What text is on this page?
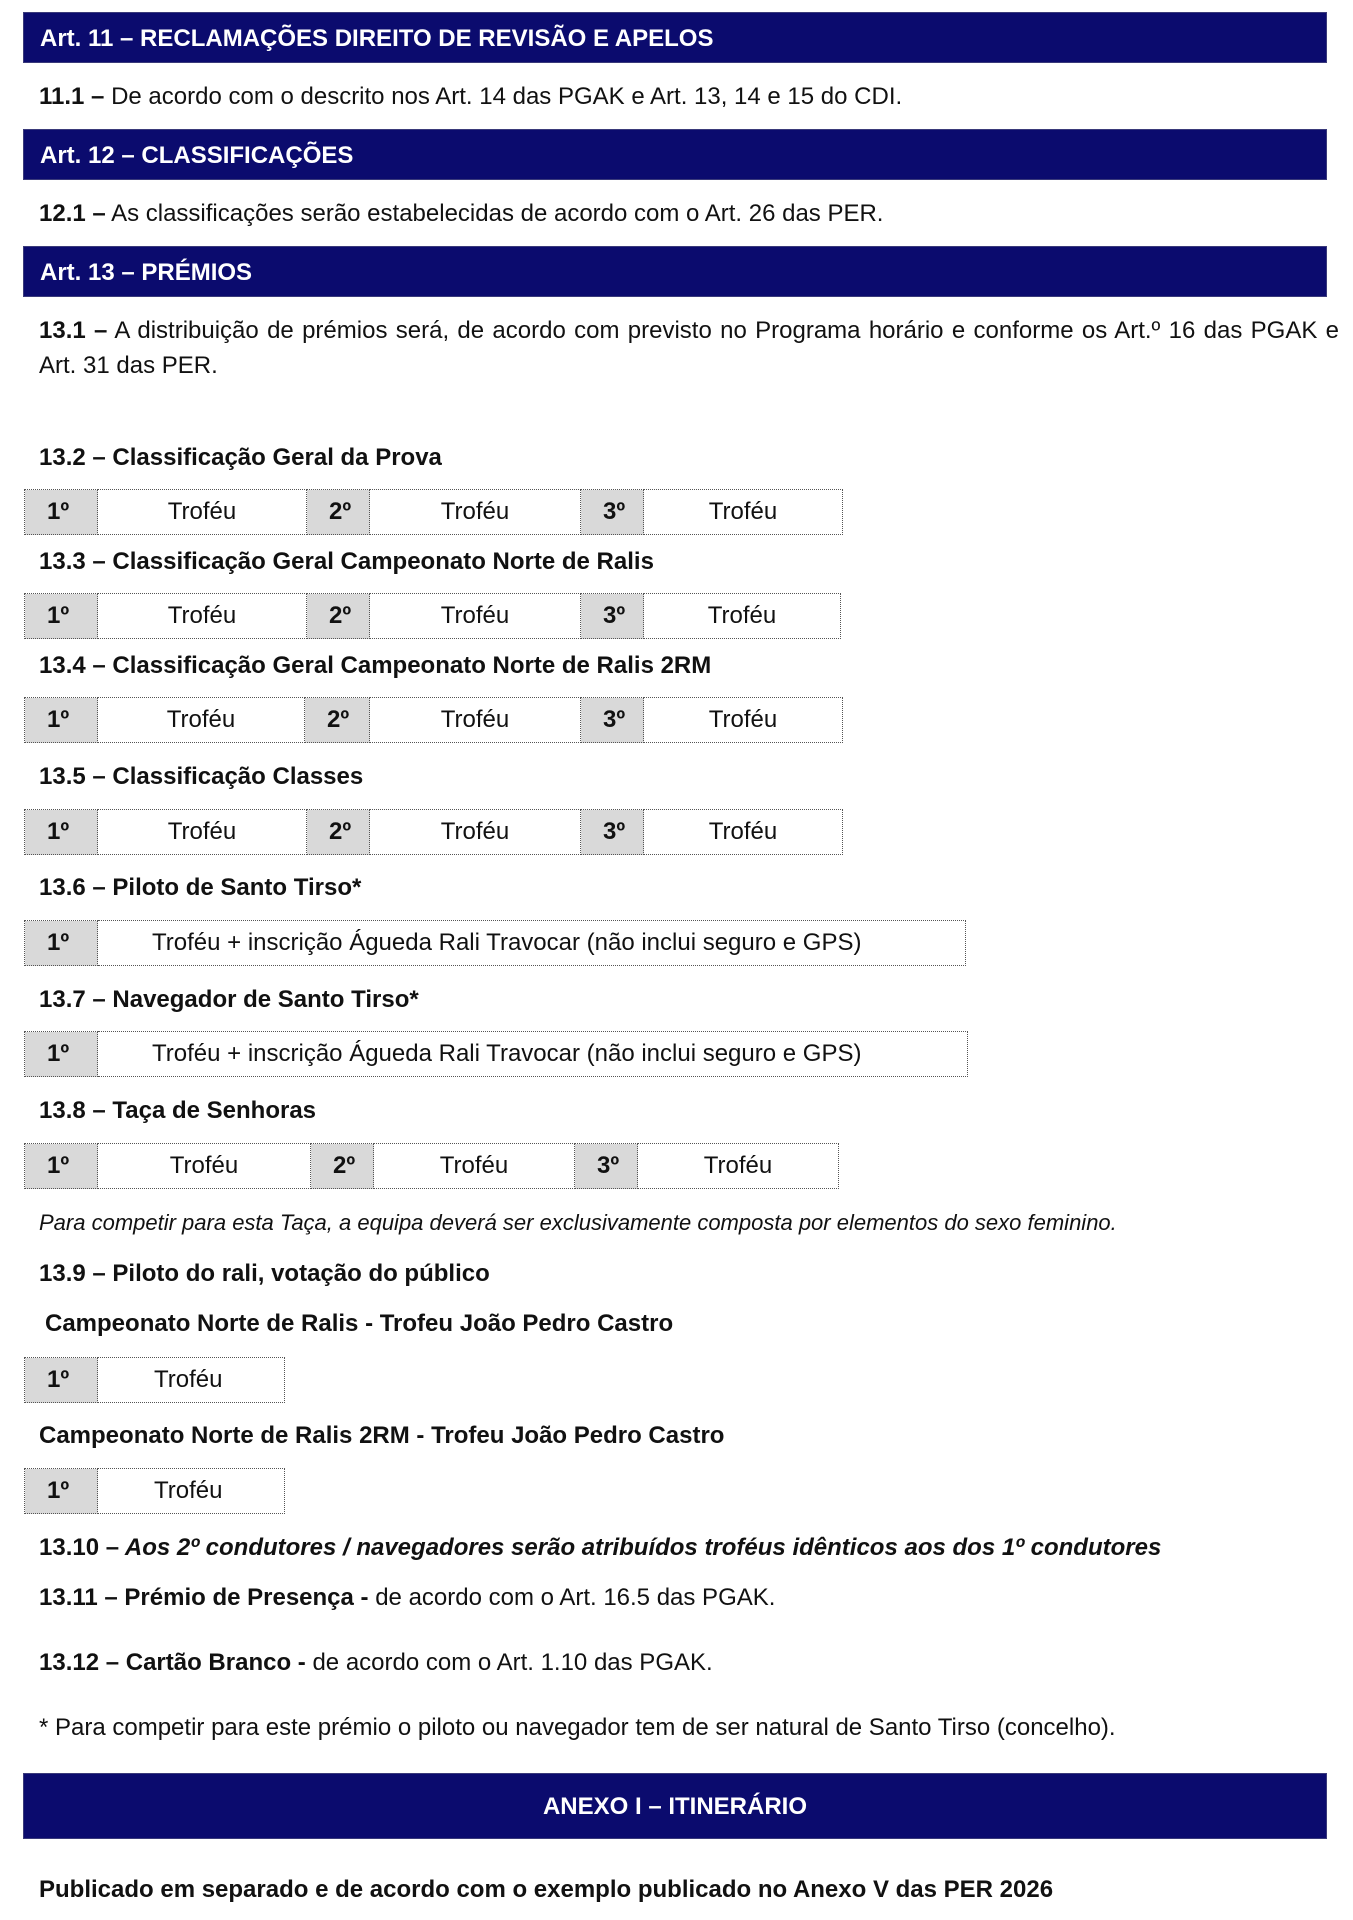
Art. 11 – RECLAMAÇÕES DIREITO DE REVISÃO E APELOS
11.1 – De acordo com o descrito nos Art. 14 das PGAK e Art. 13, 14 e 15 do CDI.
Art. 12 – CLASSIFICAÇÕES
12.1 – As classificações serão estabelecidas de acordo com o Art. 26 das PER.
Art. 13 – PRÉMIOS
13.1 – A distribuição de prémios será, de acordo com previsto no Programa horário e conforme os Art.º 16 das PGAK e Art. 31 das PER.
13.2 – Classificação Geral da Prova
1º	Troféu	2º	Troféu	3º	Troféu
13.3 – Classificação Geral Campeonato Norte de Ralis
1º	Troféu	2º	Troféu	3º	Troféu
13.4 – Classificação Geral Campeonato Norte de Ralis 2RM
1º	Troféu	2º	Troféu	3º	Troféu
13.5 – Classificação Classes
1º	Troféu	2º	Troféu	3º	Troféu
13.6 – Piloto de Santo Tirso*
1º	Troféu + inscrição Águeda Rali Travocar (não inclui seguro e GPS)
13.7 – Navegador de Santo Tirso*
1º	Troféu + inscrição Águeda Rali Travocar (não inclui seguro e GPS)
13.8 – Taça de Senhoras
1º	Troféu	2º	Troféu	3º	Troféu
Para competir para esta Taça, a equipa deverá ser exclusivamente composta por elementos do sexo feminino.
13.9 – Piloto do rali, votação do público
Campeonato Norte de Ralis - Trofeu João Pedro Castro
1º	Troféu
Campeonato Norte de Ralis 2RM - Trofeu João Pedro Castro
1º	Troféu
13.10 – Aos 2º condutores / navegadores serão atribuídos troféus idênticos aos dos 1º condutores
13.11 – Prémio de Presença - de acordo com o Art. 16.5 das PGAK.
13.12 – Cartão Branco - de acordo com o Art. 1.10 das PGAK.
* Para competir para este prémio o piloto ou navegador tem de ser natural de Santo Tirso (concelho).
ANEXO I – ITINERÁRIO
Publicado em separado e de acordo com o exemplo publicado no Anexo V das PER 2026
